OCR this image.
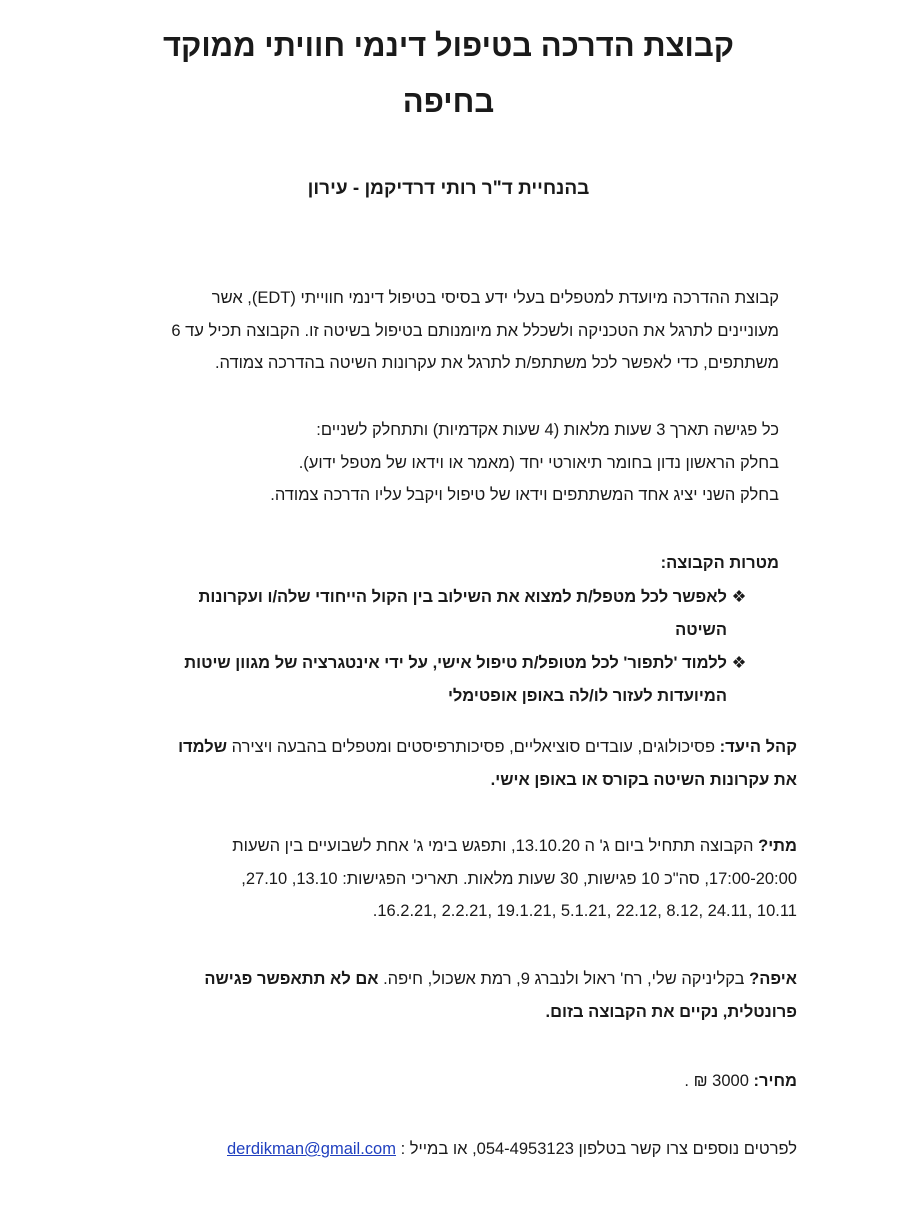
קבוצת הדרכה בטיפול דינמי חוויתי ממוקד
בחיפה
בהנחיית ד"ר רותי דרדיקמן - עירון

קבוצת ההדרכה מיועדת למטפלים בעלי ידע בסיסי בטיפול דינמי חווייתי (EDT), אשר

מעוניינים לתרגל את הטכניקה ולשכלל את מיומנותם בטיפול בשיטה זו. הקבוצה תכיל עד 6

משתתפים, כדי לאפשר לכל משתתפ/ת לתרגל את עקרונות השיטה בהדרכה צמודה.

כל פגישה תארך 3 שעות מלאות (4 שעות אקדמיות) ותתחלק לשניים:

בחלק הראשון נדון בחומר תיאורטי יחד (מאמר או וידאו של מטפל ידוע).

בחלק השני יציג אחד המשתתפים וידאו של טיפול ויקבל עליו הדרכה צמודה.

מטרות הקבוצה:
❖
לאפשר לכל מטפל/ת למצוא את השילוב בין הקול הייחודי שלה/ו ועקרונות
השיטה
❖
ללמוד 'לתפור' לכל מטופל/ת טיפול אישי, על ידי אינטגרציה של מגוון שיטות
המיועדות לעזור לו/לה באופן אופטימלי

קהל היעד: פסיכולוגים, עובדים סוציאליים, פסיכותרפיסטים ומטפלים בהבעה ויצירה שלמדו

את עקרונות השיטה בקורס או באופן אישי.

מתי? הקבוצה תתחיל ביום ג' ה 13.10.20, ותפגש בימי ג' אחת לשבועיים בין השעות

17:00-20:00, סה"כ 10 פגישות, 30 שעות מלאות. תאריכי הפגישות: 13.10, 27.10,

10.11 ,24.11 ,8.12 ,22.12 ,5.1.21 ,19.1.21 ,2.2.21 ,16.2.21.

איפה? בקליניקה שלי, רח' ראול ולנברג 9, רמת אשכול, חיפה. אם לא תתאפשר פגישה

פרונטלית, נקיים את הקבוצה בזום.

מחיר: 3000 ₪ .

לפרטים נוספים צרו קשר בטלפון 054-4953123, או במייל : derdikman@gmail.com
